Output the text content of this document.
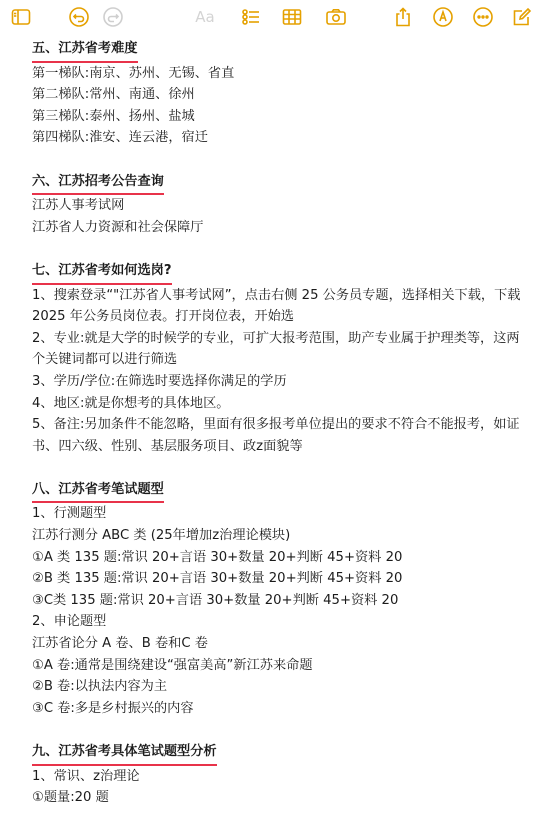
Aa
五、江苏省考难度
第一梯队:南京、苏州、无锡、省直
第二梯队:常州、南通、徐州
第三梯队:泰州、扬州、盐城
第四梯队:淮安、连云港，宿迁
六、江苏招考公告查询
江苏人事考试网
江苏省人力资源和社会保障厅
七、江苏省考如何选岗?
1、搜索登录“"江苏省人事考试网”，点击右侧 25 公务员专题，选择相关下载，下载 2025 年公务员岗位表。打开岗位表，开始选
2、专业:就是大学的时候学的专业，可扩大报考范围，助产专业属于护理类等，这两个关键词都可以进行筛选
3、学历/学位:在筛选时要选择你满足的学历
4、地区:就是你想考的具体地区。
5、备注:另加条件不能忽略，里面有很多报考单位提出的要求不符合不能报考，如证书、四六级、性别、基层服务项目、政z面貌等
八、江苏省考笔试题型
1、行测题型
江苏行测分 ABC 类 (25年增加z治理论模块)
①A 类 135 题:常识 20+言语 30+数量 20+判断 45+资料 20
②B 类 135 题:常识 20+言语 30+数量 20+判断 45+资料 20
③C类 135 题:常识 20+言语 30+数量 20+判断 45+资料 20
2、申论题型
江苏省论分 A 卷、B 卷和C 卷
①A 卷:通常是围绕建设“强富美高”新江苏来命题
②B 卷:以执法内容为主
③C 卷:多是乡村振兴的内容
九、江苏省考具体笔试题型分析
1、常识、z治理论
①题量:20 题
